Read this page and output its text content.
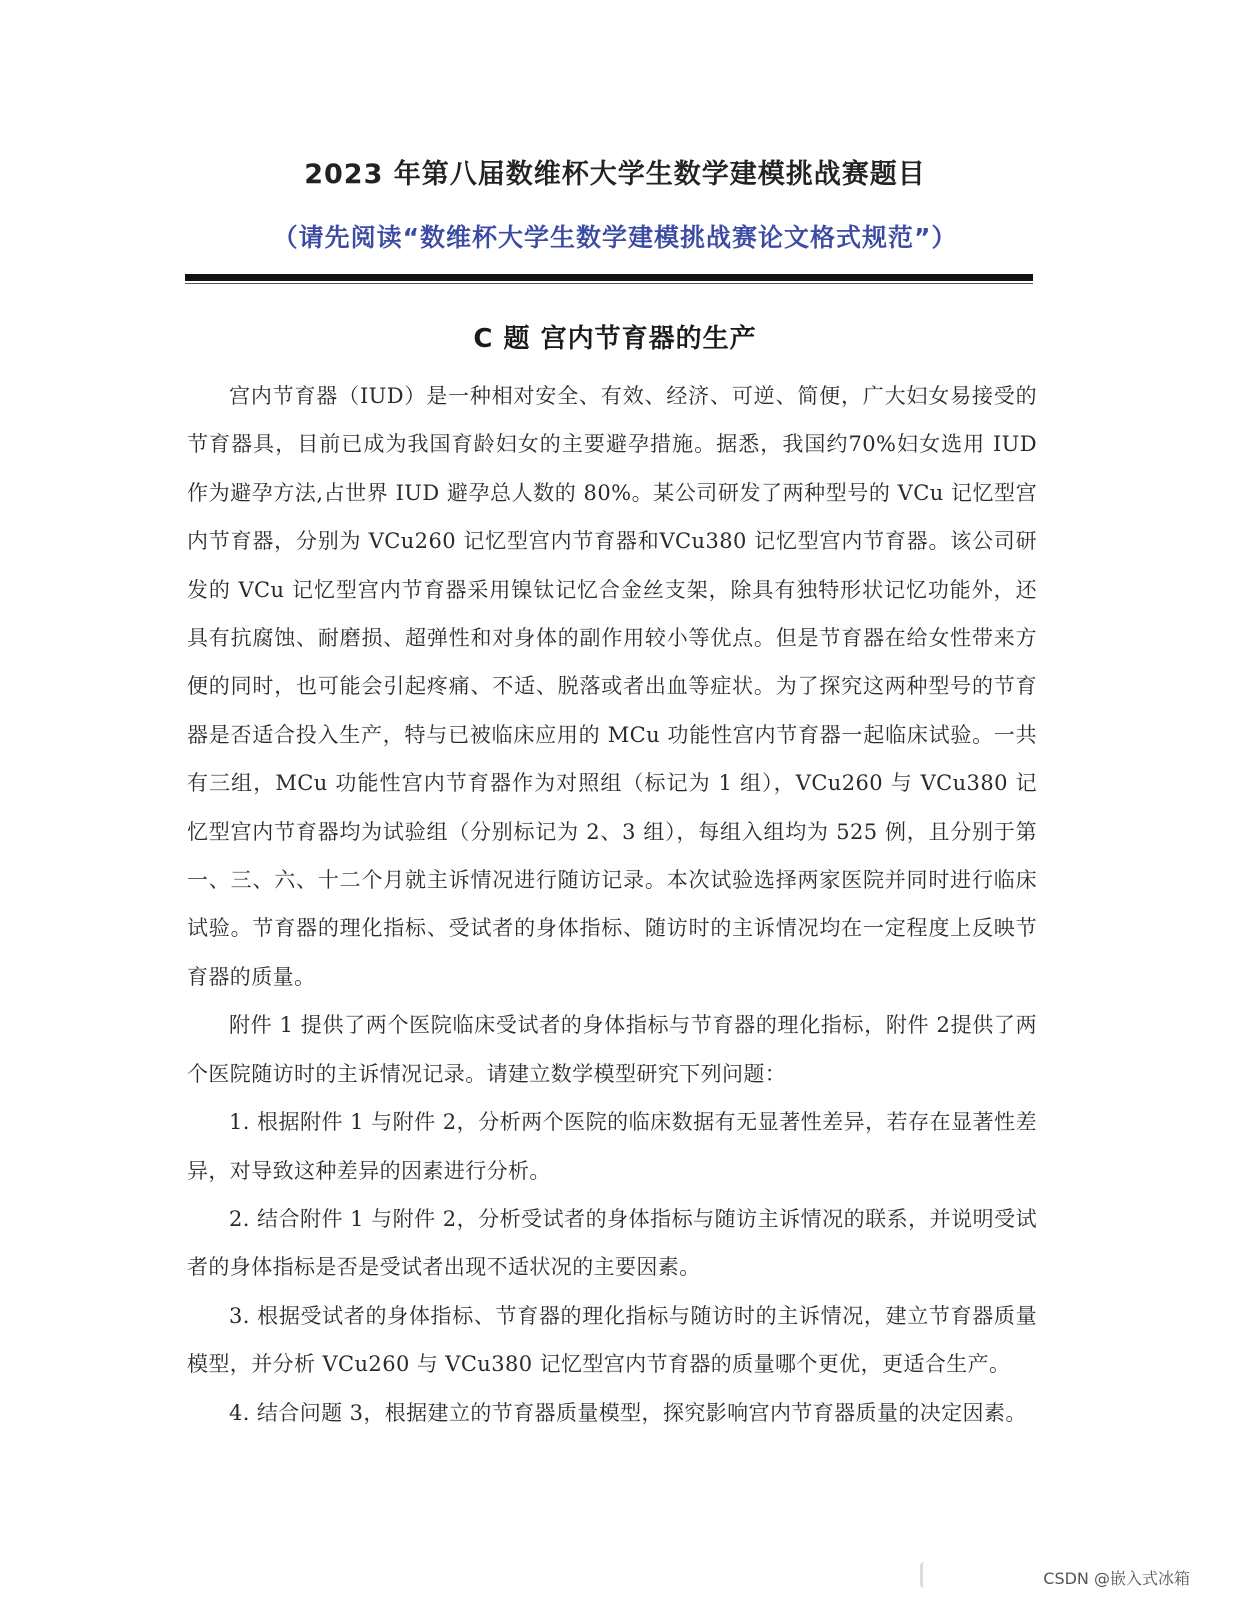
2023 年第八届数维杯大学生数学建模挑战赛题目
（请先阅读“数维杯大学生数学建模挑战赛论文格式规范”）
C 题 宫内节育器的生产

宫内节育器（IUD）是一种相对安全、有效、经济、可逆、简便，广大妇女易接受的节育器具，目前已成为我国育龄妇女的主要避孕措施。据悉，我国约70%妇女选用 IUD 作为避孕方法,占世界 IUD 避孕总人数的 80%。某公司研发了两种型号的 VCu 记忆型宫内节育器，分别为 VCu260 记忆型宫内节育器和VCu380 记忆型宫内节育器。该公司研发的 VCu 记忆型宫内节育器采用镍钛记忆合金丝支架，除具有独特形状记忆功能外，还具有抗腐蚀、耐磨损、超弹性和对身体的副作用较小等优点。但是节育器在给女性带来方便的同时，也可能会引起疼痛、不适、脱落或者出血等症状。为了探究这两种型号的节育器是否适合投入生产，特与已被临床应用的 MCu 功能性宫内节育器一起临床试验。一共有三组，MCu 功能性宫内节育器作为对照组（标记为 1 组），VCu260 与 VCu380 记忆型宫内节育器均为试验组（分别标记为 2、3 组），每组入组均为 525 例，且分别于第一、三、六、十二个月就主诉情况进行随访记录。本次试验选择两家医院并同时进行临床试验。节育器的理化指标、受试者的身体指标、随访时的主诉情况均在一定程度上反映节育器的质量。

附件 1 提供了两个医院临床受试者的身体指标与节育器的理化指标，附件 2提供了两个医院随访时的主诉情况记录。请建立数学模型研究下列问题：

1. 根据附件 1 与附件 2，分析两个医院的临床数据有无显著性差异，若存在显著性差异，对导致这种差异的因素进行分析。

2. 结合附件 1 与附件 2，分析受试者的身体指标与随访主诉情况的联系，并说明受试者的身体指标是否是受试者出现不适状况的主要因素。

3. 根据受试者的身体指标、节育器的理化指标与随访时的主诉情况，建立节育器质量模型，并分析 VCu260 与 VCu380 记忆型宫内节育器的质量哪个更优，更适合生产。

4. 结合问题 3，根据建立的节育器质量模型，探究影响宫内节育器质量的决定因素。

CSDN @嵌入式冰箱
